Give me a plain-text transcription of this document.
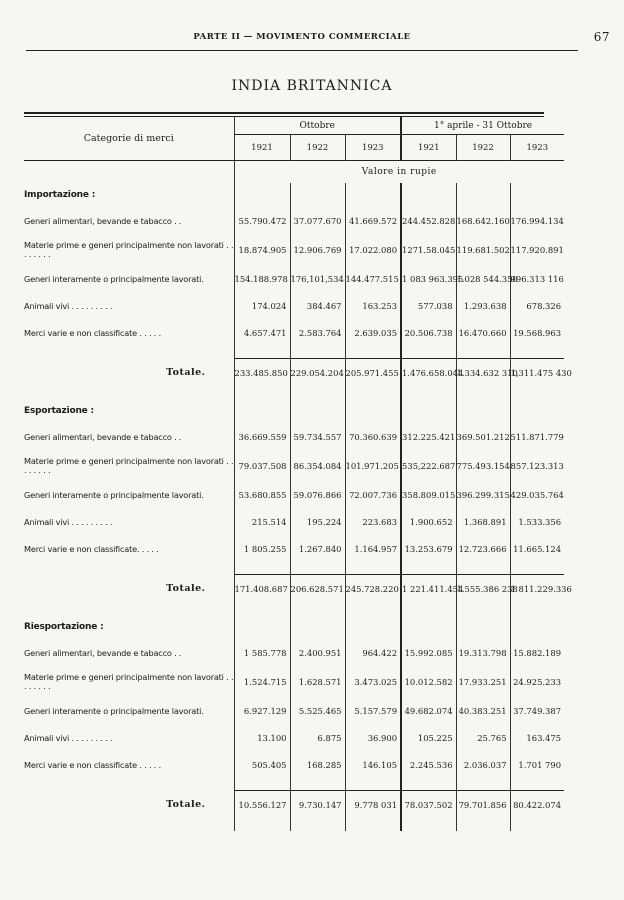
PARTE II — MOVIMENTO COMMERCIALE	67
INDIA BRITANNICA
Categorie di merci	Ottobre			1° aprile - 31 Ottobre		
	1921	1922	1923	1921	1922	1923

	Valore in rupie					

Importazione :						
Generi alimentari, bevande e tabacco . .	55.790.472	37.077.670	41.669.572	244.452.828	168.642.160	176.994.134
Materie prime e generi principalmente non lavorati . . . . . . . .	18.874.905	12.906.769	17.022.080	1271.58.045	119.681.502	117.920.891
Generi interamente o principalmente lavorati.	154.188.978	176,101,534	144.477.515	1 083 963.395	1.028 544.350	996.313 116
Animali vivi . . . . . . . . .	174.024	384.467	163.253	577.038	1.293.638	678.326
Merci varie e non classificate . . . . .	4.657.471	2.583.764	2.639.035	20.506.738	16.470.660	19.568.963

Totale.	233.485.850	229.054.204	205.971.455	1.476.658.044	1.334.632 310	1,311.475 430

Esportazione :						
Generi alimentari, bevande e tabacco . .	36.669.559	59.734.557	70.360.639	312.225.421	369.501.212	511.871.779
Materie prime e generi principalmente non lavorati . . . . . . . .	79.037.508	86.354.084	101.971.205	535,222.687	775.493.154	857.123.313
Generi interamente o principalmente lavorati.	53.680.855	59.076.866	72.007.736	358.809.015	396.299.315	429.035.764
Animali vivi . . . . . . . . .	215.514	195.224	223.683	1.900.652	1.368.891	1.533.356
Merci varie e non classificate. . . . .	1 805.255	1.267.840	1.164.957	13.253.679	12.723.666	11.665.124

Totale.	171.408.687	206.628.571	245.728.220	1 221.411.454	1.555.386 238	1 811.229.336

Riesportazione :						
Generi alimentari, bevande e tabacco . .	1 585.778	2.400.951	964.422	15.992.085	19.313.798	15.882.189
Materie prime e generi principalmente non lavorati . . . . . . . .	1.524.715	1.628.571	3.473.025	10.012.582	17.933.251	24.925.233
Generi interamente o principalmente lavorati.	6.927.129	5.525.465	5.157.579	49.682.074	40.383.251	37.749.387
Animali vivi . . . . . . . . .	13.100	6.875	36.900	105.225	25.765	163.475
Merci varie e non classificate . . . . .	505.405	168.285	146.105	2.245.536	2.036.037	1.701 790

Totale.	10.556.127	9.730.147	9.778 031	78.037.502	79.701.856	80.422.074
